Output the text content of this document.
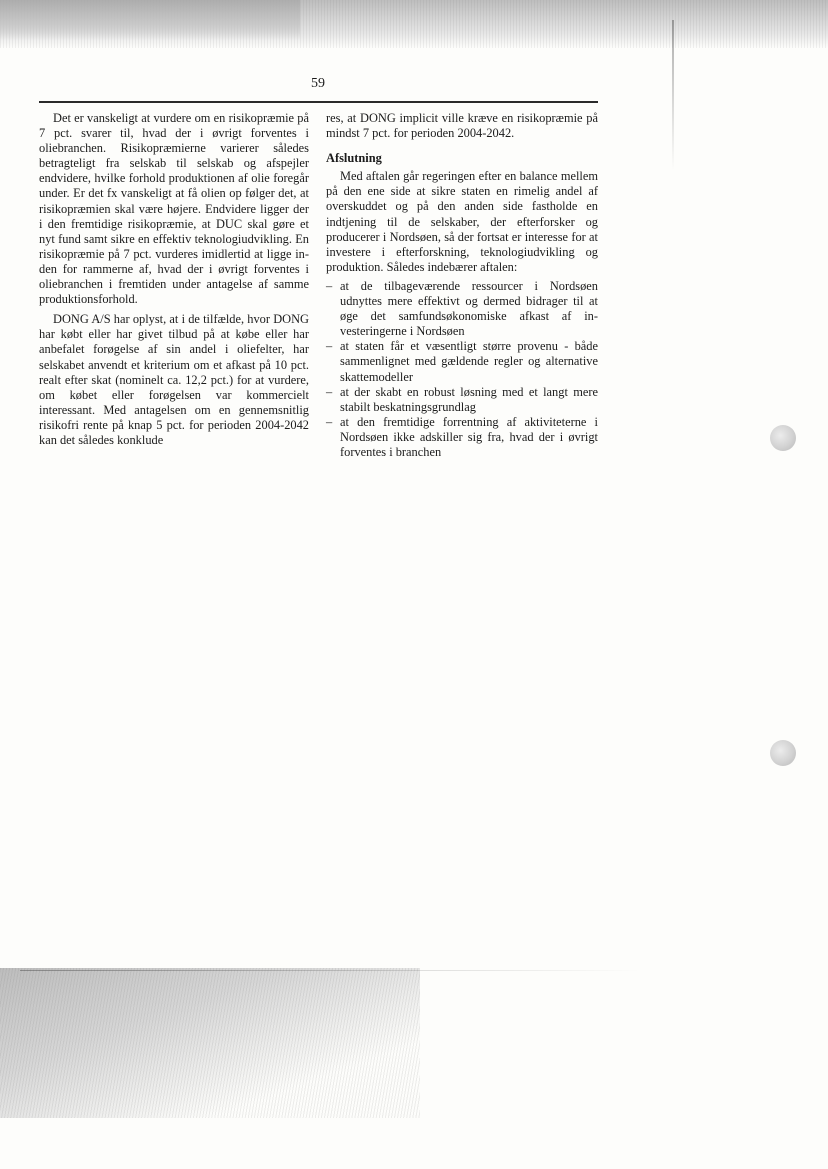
59

Det er vanskeligt at vurdere om en risikopræmie på 7 pct. svarer til, hvad der i øvrigt forventes i oliebranchen. Risikopræmierne varierer således betragteligt fra selskab til selskab og afspejler endvidere, hvilke forhold produktionen af olie foregår under. Er det fx vanskeligt at få olien op følger det, at risikopræmien skal være højere. Endvidere ligger der i den fremtidige risikopræmie, at DUC skal gøre et nyt fund samt sikre en effektiv teknologiudvikling. En risikopræmie på 7 pct. vurderes imidlertid at ligge inden for rammerne af, hvad der i øvrigt forventes i oliebranchen i fremtiden under antagelse af samme produktionsforhold.

DONG A/S har oplyst, at i de tilfælde, hvor DONG har købt eller har givet tilbud på at købe eller har anbefalet forøgelse af sin andel i oliefelter, har selskabet anvendt et kriterium om et afkast på 10 pct. realt efter skat (nominelt ca. 12,2 pct.) for at vurdere, om købet eller forøgelsen var kommercielt interessant. Med antagelsen om en gennemsnitlig risikofri rente på knap 5 pct. for perioden 2004-2042 kan det således konklude

res, at DONG implicit ville kræve en risikopræmie på mindst 7 pct. for perioden 2004-2042.

Afslutning

Med aftalen går regeringen efter en balance mellem på den ene side at sikre staten en rimelig andel af overskuddet og på den anden side fastholde en indtjening til de selskaber, der efterforsker og producerer i Nordsøen, så der fortsat er interesse for at investere i efterforskning, teknologiudvikling og produktion. Således indebærer aftalen:

– at de tilbageværende ressourcer i Nordsøen udnyttes mere effektivt og dermed bidrager til at øge det samfundsøkonomiske afkast af investeringerne i Nordsøen
– at staten får et væsentligt større provenu - både sammenlignet med gældende regler og alternative skattemodeller
– at der skabt en robust løsning med et langt mere stabilt beskatningsgrundlag
– at den fremtidige forrentning af aktiviteterne i Nordsøen ikke adskiller sig fra, hvad der i øvrigt forventes i branchen
